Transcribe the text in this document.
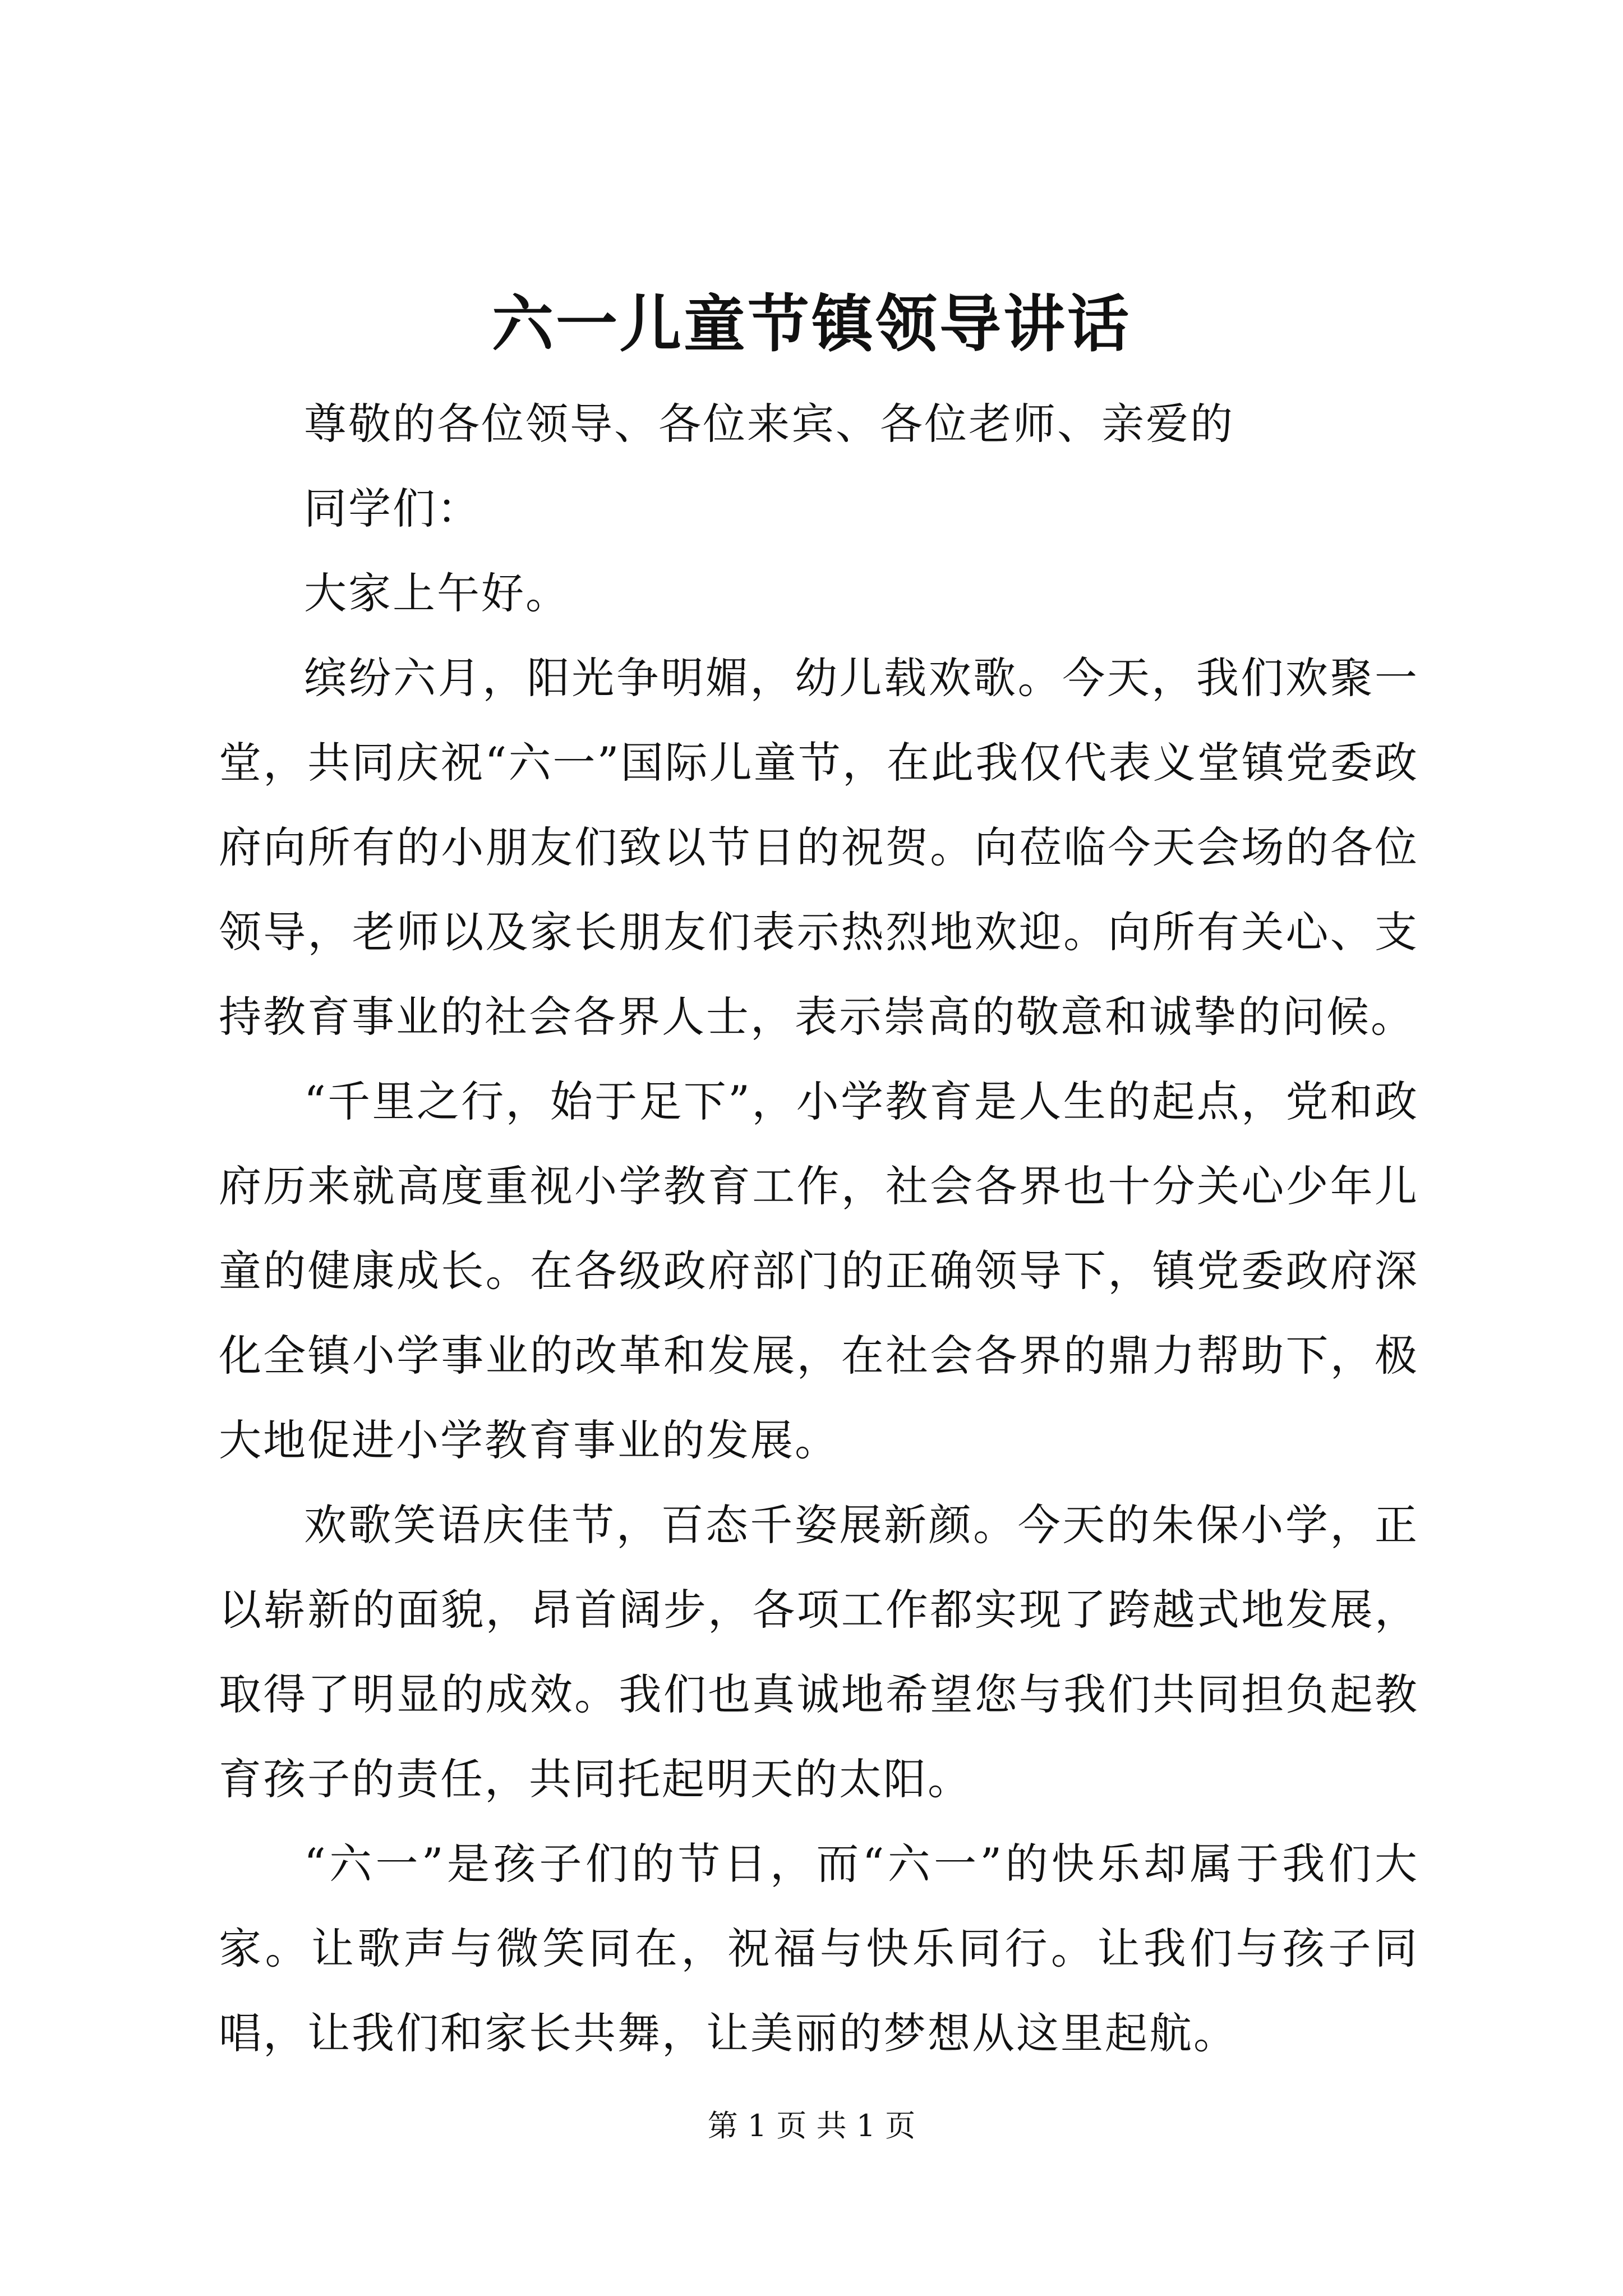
六一儿童节镇领导讲话

尊敬的各位领导、各位来宾、各位老师、亲爱的

同学们：

大家上午好。

缤纷六月，阳光争明媚，幼儿载欢歌。今天，我们欢聚一堂，共同庆祝“六一”国际儿童节，在此我仅代表义堂镇党委政府向所有的小朋友们致以节日的祝贺。向莅临今天会场的各位领导，老师以及家长朋友们表示热烈地欢迎。向所有关心、支持教育事业的社会各界人士，表示崇高的敬意和诚挚的问候。

“千里之行，始于足下”，小学教育是人生的起点，党和政府历来就高度重视小学教育工作，社会各界也十分关心少年儿童的健康成长。在各级政府部门的正确领导下，镇党委政府深化全镇小学事业的改革和发展，在社会各界的鼎力帮助下，极大地促进小学教育事业的发展。

欢歌笑语庆佳节，百态千姿展新颜。今天的朱保小学，正以崭新的面貌，昂首阔步，各项工作都实现了跨越式地发展，取得了明显的成效。我们也真诚地希望您与我们共同担负起教育孩子的责任，共同托起明天的太阳。

“六一”是孩子们的节日，而“六一”的快乐却属于我们大家。让歌声与微笑同在，祝福与快乐同行。让我们与孩子同唱，让我们和家长共舞，让美丽的梦想从这里起航。

第 1 页 共 1 页
